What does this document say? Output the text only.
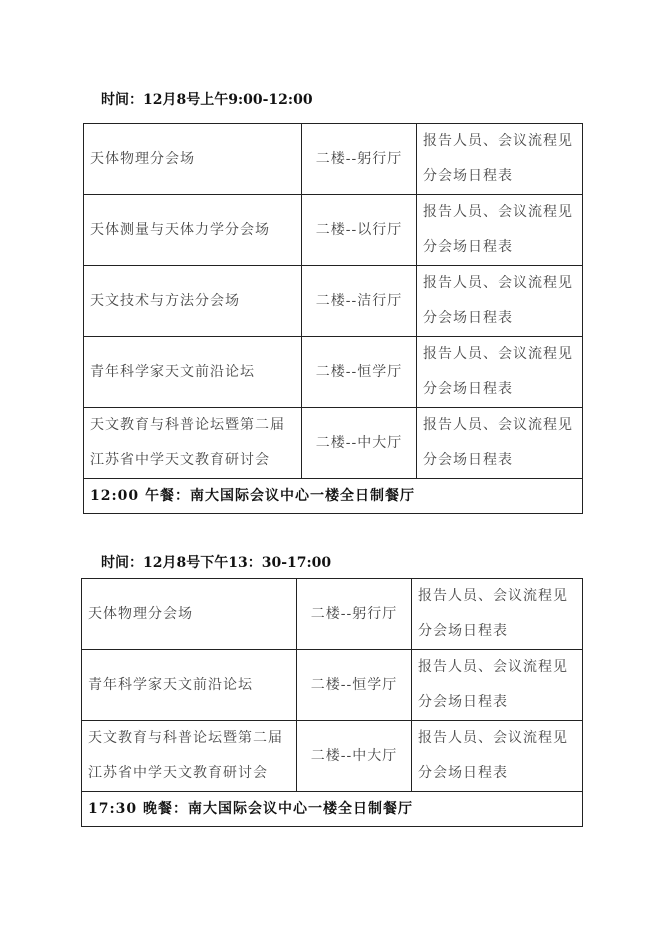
时间：12月8号上午9:00-12:00
天体物理分会场	二楼--躬行厅	报告人员、会议流程见分会场日程表
天体测量与天体力学分会场	二楼--以行厅	报告人员、会议流程见分会场日程表
天文技术与方法分会场	二楼--洁行厅	报告人员、会议流程见分会场日程表
青年科学家天文前沿论坛	二楼--恒学厅	报告人员、会议流程见分会场日程表
天文教育与科普论坛暨第二届江苏省中学天文教育研讨会	二楼--中大厅	报告人员、会议流程见分会场日程表
12:00 午餐：南大国际会议中心一楼全日制餐厅		
时间：12月8号下午13：30-17:00
天体物理分会场	二楼--躬行厅	报告人员、会议流程见分会场日程表
青年科学家天文前沿论坛	二楼--恒学厅	报告人员、会议流程见分会场日程表
天文教育与科普论坛暨第二届江苏省中学天文教育研讨会	二楼--中大厅	报告人员、会议流程见分会场日程表
17:30 晚餐：南大国际会议中心一楼全日制餐厅		
